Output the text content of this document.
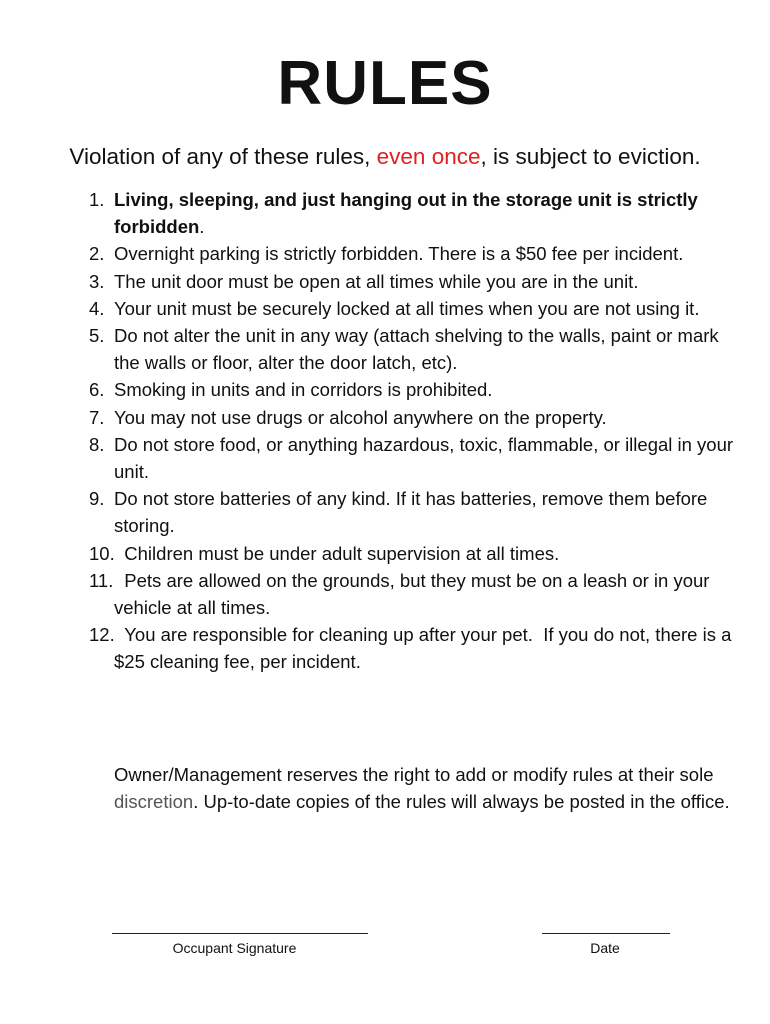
RULES
Violation of any of these rules, even once, is subject to eviction.
1. Living, sleeping, and just hanging out in the storage unit is strictly forbidden.
2. Overnight parking is strictly forbidden. There is a $50 fee per incident.
3. The unit door must be open at all times while you are in the unit.
4. Your unit must be securely locked at all times when you are not using it.
5. Do not alter the unit in any way (attach shelving to the walls, paint or mark the walls or floor, alter the door latch, etc).
6. Smoking in units and in corridors is prohibited.
7. You may not use drugs or alcohol anywhere on the property.
8. Do not store food, or anything hazardous, toxic, flammable, or illegal in your unit.
9. Do not store batteries of any kind. If it has batteries, remove them before storing.
10. Children must be under adult supervision at all times.
11. Pets are allowed on the grounds, but they must be on a leash or in your vehicle at all times.
12. You are responsible for cleaning up after your pet.  If you do not, there is a $25 cleaning fee, per incident.
Owner/Management reserves the right to add or modify rules at their sole discretion. Up-to-date copies of the rules will always be posted in the office.
Occupant Signature	Date
